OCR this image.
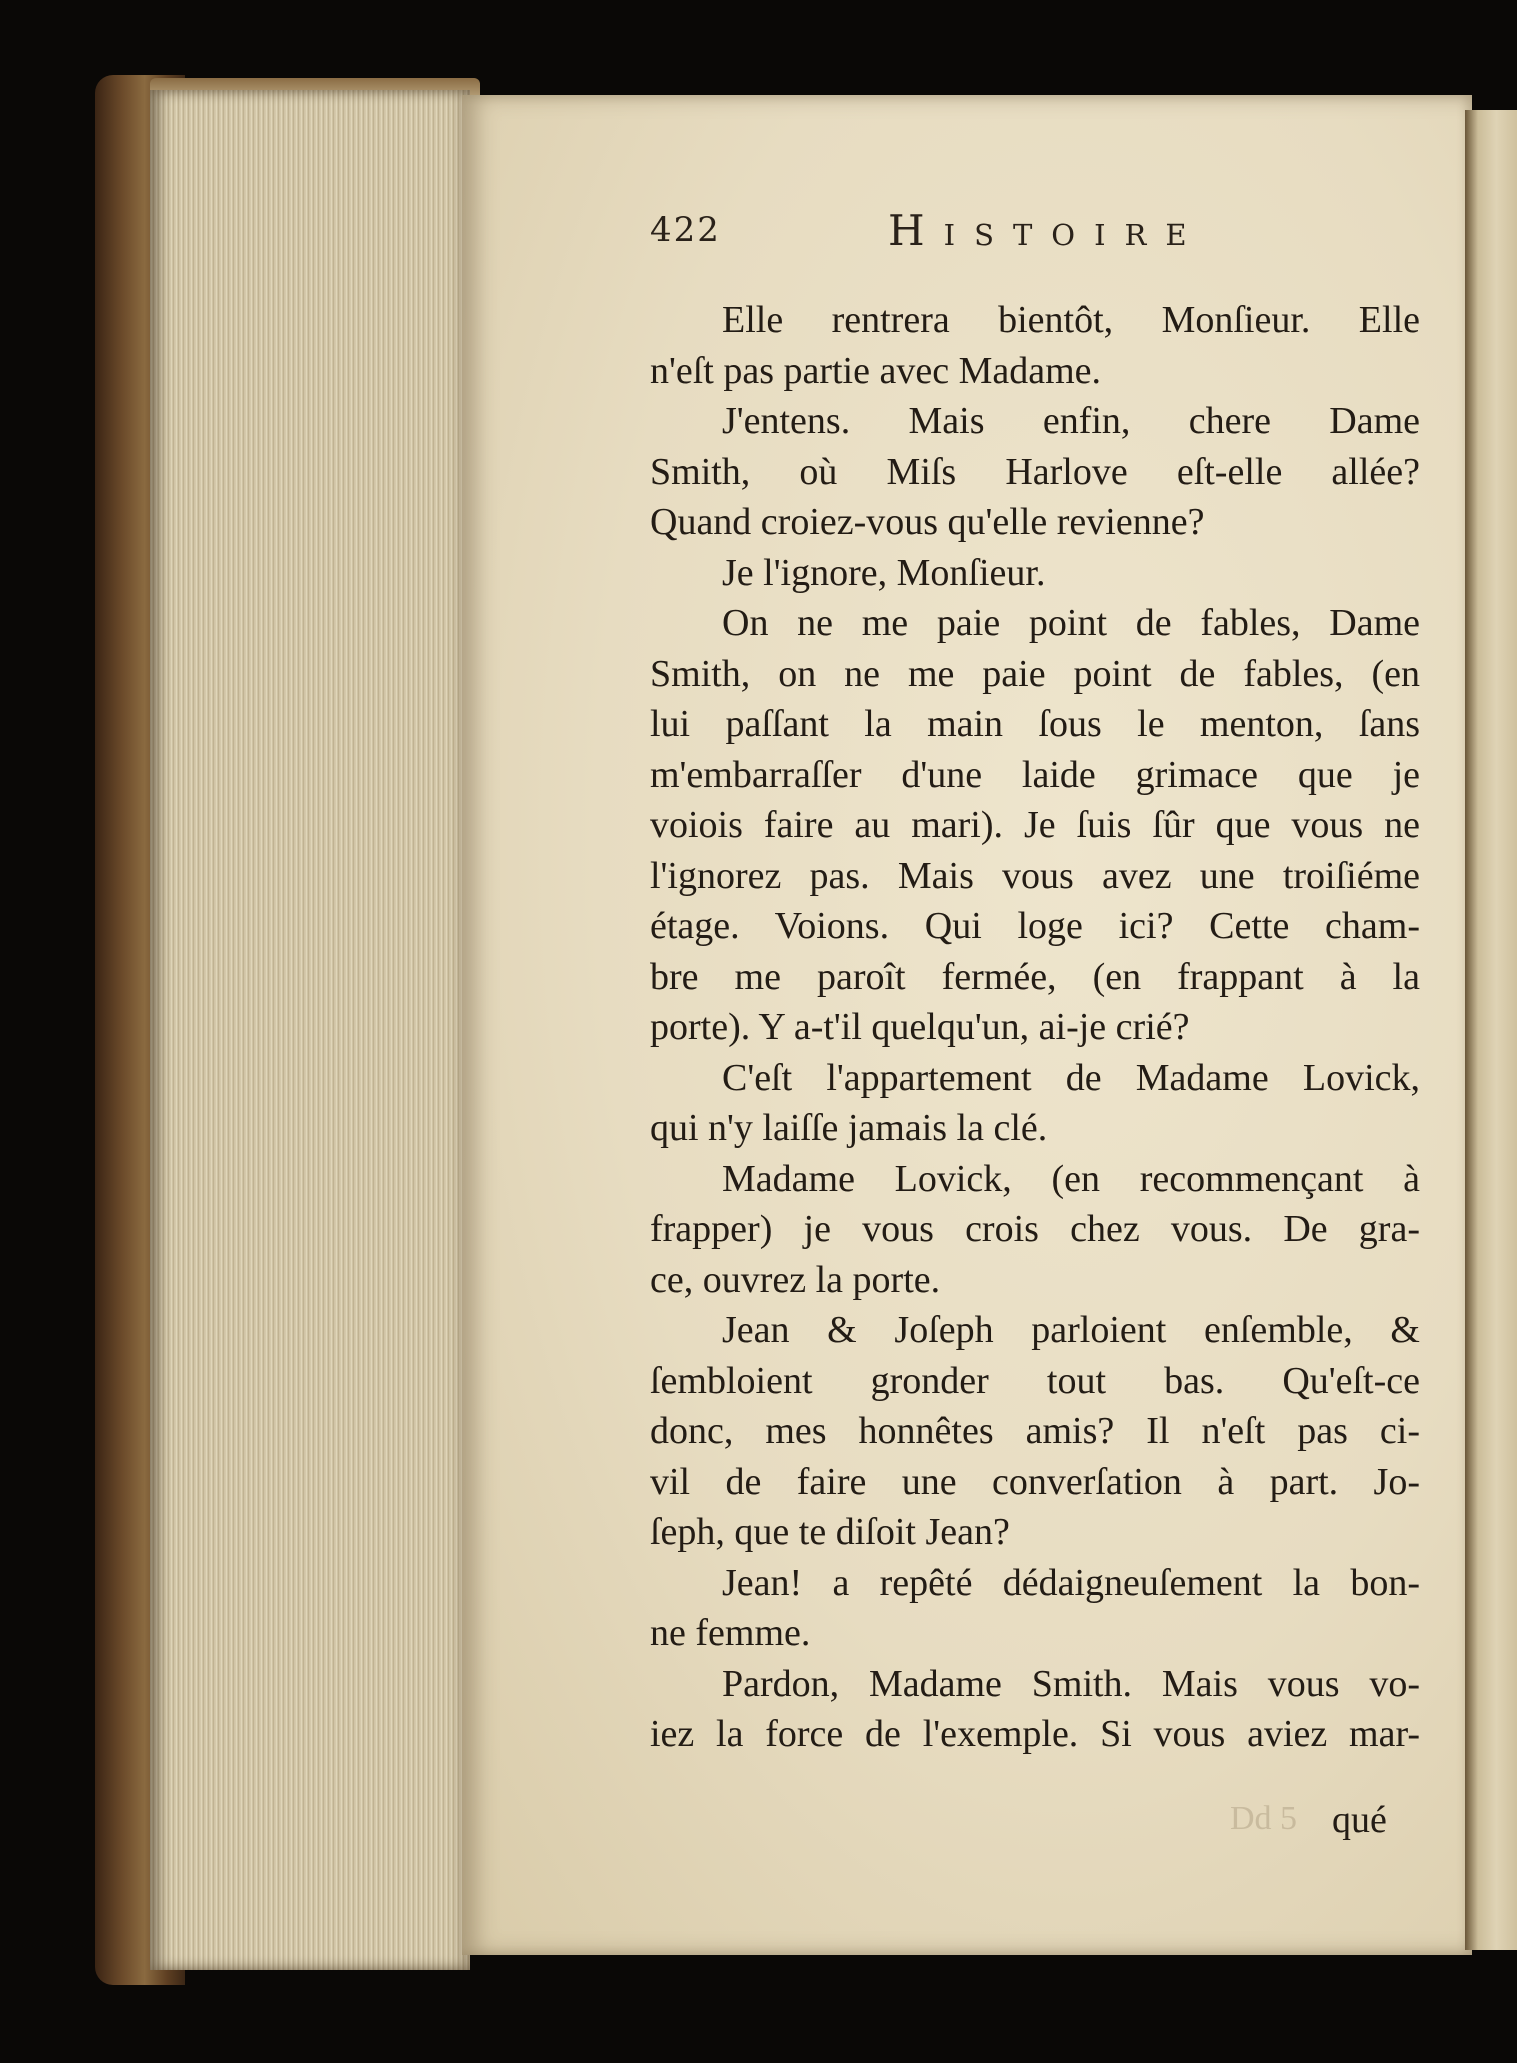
422	Histoire
Elle rentrera bientôt, Monſieur. Elle
n'eſt pas partie avec Madame.
J'entens. Mais enfin, chere Dame
Smith, où Miſs Harlove eſt-elle allée?
Quand croiez-vous qu'elle revienne?
Je l'ignore, Monſieur.
On ne me paie point de fables, Dame
Smith, on ne me paie point de fables, (en
lui paſſant la main ſous le menton, ſans
m'embarraſſer d'une laide grimace que je
voiois faire au mari). Je ſuis ſûr que vous ne
l'ignorez pas. Mais vous avez une troiſiéme
étage. Voions. Qui loge ici? Cette cham-
bre me paroît fermée, (en frappant à la
porte). Y a-t'il quelqu'un, ai-je crié?
C'eſt l'appartement de Madame Lovick,
qui n'y laiſſe jamais la clé.
Madame Lovick, (en recommençant à
frapper) je vous crois chez vous. De gra-
ce, ouvrez la porte.
Jean & Joſeph parloient enſemble, &
ſembloient gronder tout bas. Qu'eſt-ce
donc, mes honnêtes amis? Il n'eſt pas ci-
vil de faire une converſation à part. Jo-
ſeph, que te diſoit Jean?
Jean! a repêté dédaigneuſement la bon-
ne femme.
Pardon, Madame Smith. Mais vous vo-
iez la force de l'exemple. Si vous aviez mar-
Dd 5 qué
